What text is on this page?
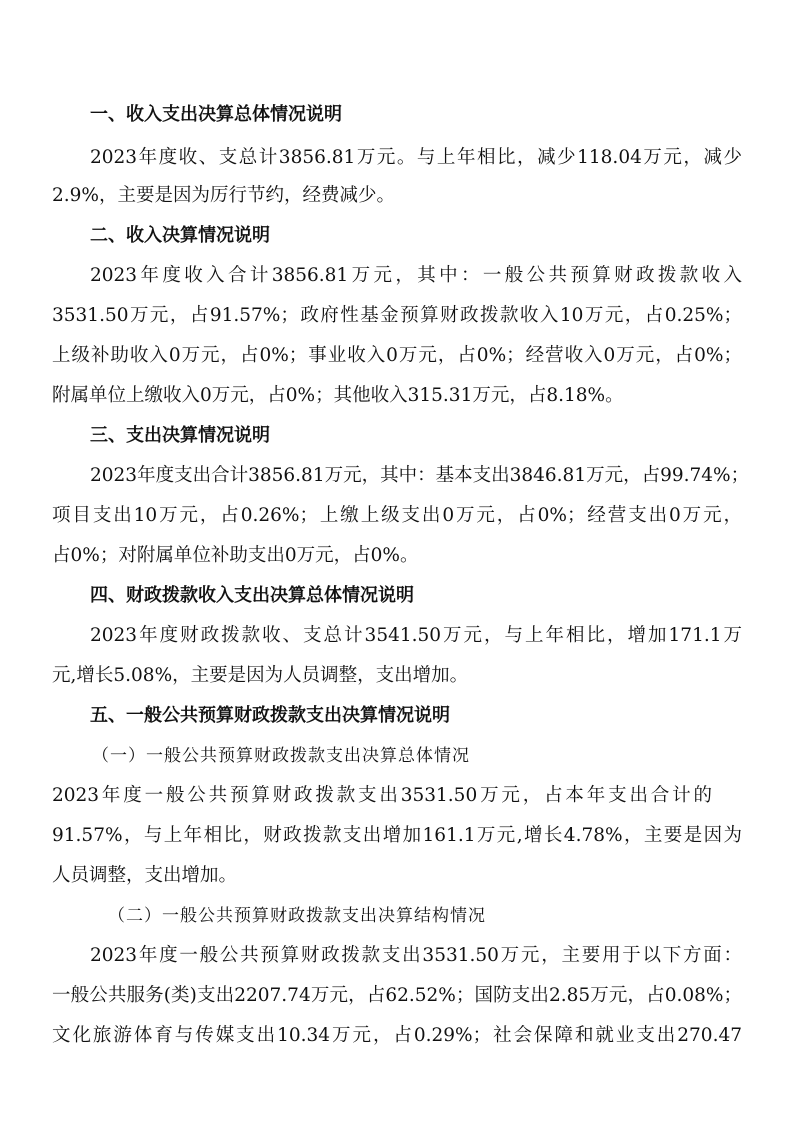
一、收入支出决算总体情况说明
2023年度收、支总计3856.81万元。与上年相比，减少118.04万元，减少
2.9%，主要是因为厉行节约，经费减少。
二、收入决算情况说明
2023年度收入合计3856.81万元，其中：一般公共预算财政拨款收入
3531.50万元，占91.57%；政府性基金预算财政拨款收入10万元，占0.25%；
上级补助收入0万元，占0%；事业收入0万元，占0%；经营收入0万元，占0%；
附属单位上缴收入0万元，占0%；其他收入315.31万元，占8.18%。
三、支出决算情况说明
2023年度支出合计3856.81万元，其中：基本支出3846.81万元，占99.74%；
项目支出10万元，占0.26%；上缴上级支出0万元，占0%；经营支出0万元，
占0%；对附属单位补助支出0万元，占0%。
四、财政拨款收入支出决算总体情况说明
2023年度财政拨款收、支总计3541.50万元，与上年相比，增加171.1万
元,增长5.08%，主要是因为人员调整，支出增加。
五、一般公共预算财政拨款支出决算情况说明
（一）一般公共预算财政拨款支出决算总体情况
2023年度一般公共预算财政拨款支出3531.50万元，占本年支出合计的
91.57%，与上年相比，财政拨款支出增加161.1万元,增长4.78%，主要是因为
人员调整，支出增加。
（二）一般公共预算财政拨款支出决算结构情况
2023年度一般公共预算财政拨款支出3531.50万元，主要用于以下方面：
一般公共服务(类)支出2207.74万元，占62.52%；国防支出2.85万元，占0.08%；
文化旅游体育与传媒支出10.34万元，占0.29%；社会保障和就业支出270.47
